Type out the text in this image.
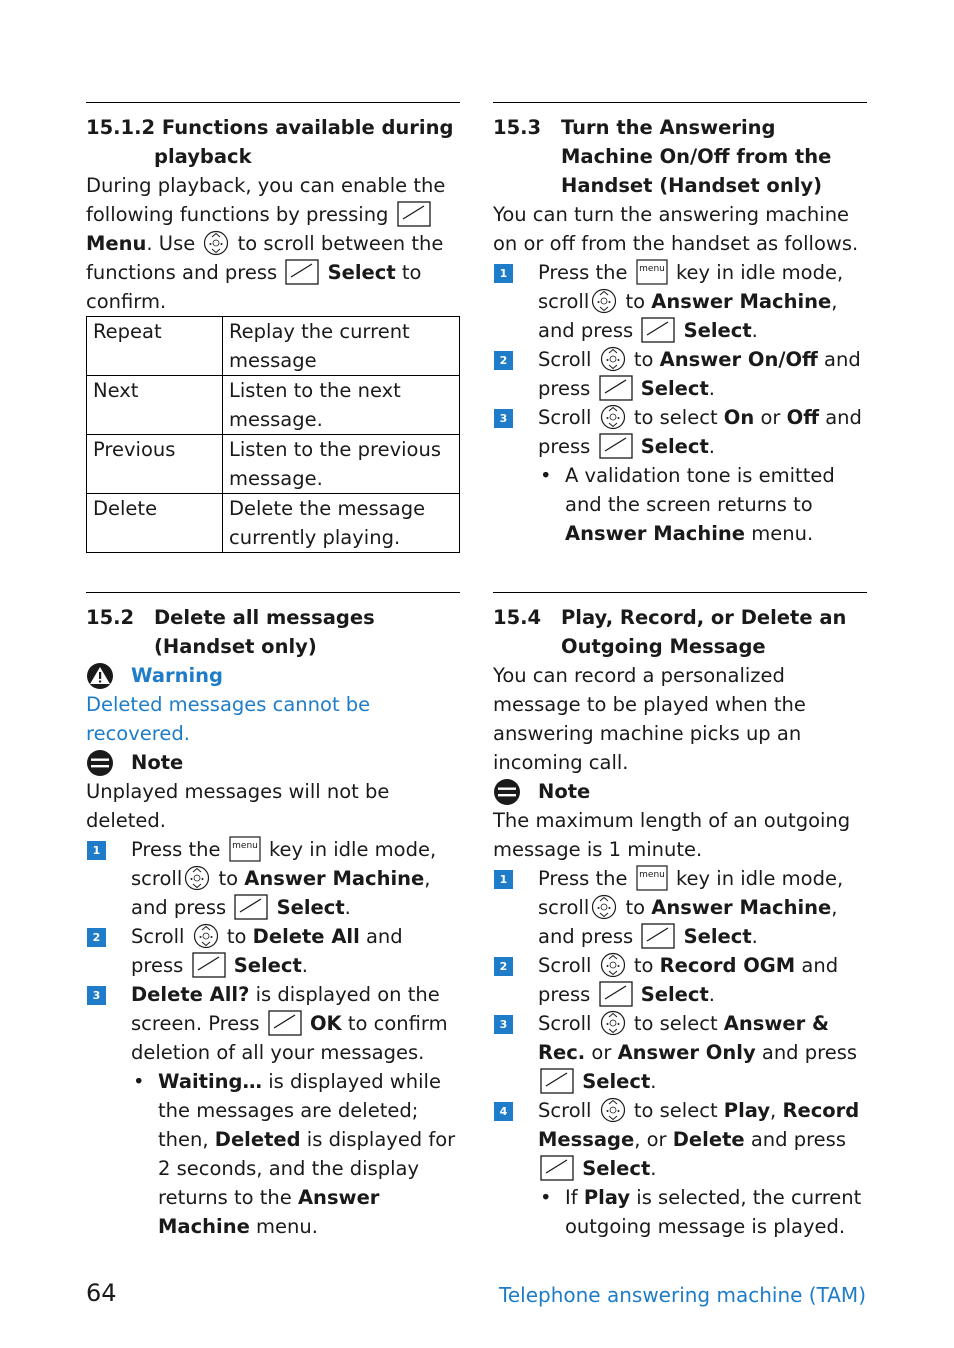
15.1.2 Functions available during playback

During playback, you can enable the following functions by pressing
Menu. Use to scroll between the functions and press	Select to confirm.

Repeat	Replay the current message
Next	Listen to the next message.
Previous	Listen to the previous message.
Delete	Delete the message currently playing.
15.2	Delete all messages (Handset only)
Warning

Deleted messages cannot be recovered.

Note

Unplayed messages will not be deleted.

1 Press the menu key in idle mode, scroll to Answer Machine, and press	Select.
2 Scroll to Delete All and press	Select.
3 Delete All? is displayed on the screen. Press	OK to confirm deletion of all your messages.
• Waiting… is displayed while the messages are deleted; then, Deleted is displayed for 2 seconds, and the display returns to the Answer Machine menu.
15.3	Turn the Answering Machine On/Off from the Handset (Handset only)

You can turn the answering machine on or off from the handset as follows.

1 Press the menu key in idle mode, scroll to Answer Machine, and press	Select.
2 Scroll to Answer On/Off and press	Select.
3 Scroll to select On or Off and press	Select.
• A validation tone is emitted and the screen returns to Answer Machine menu.
15.4	Play, Record, or Delete an Outgoing Message

You can record a personalized message to be played when the answering machine picks up an incoming call.

Note

The maximum length of an outgoing message is 1 minute.

1 Press the menu key in idle mode, scroll to Answer Machine, and press	Select.
2 Scroll to Record OGM and press	Select.
3 Scroll to select Answer & Rec. or Answer Only and press
Select.
4 Scroll to select Play, Record Message, or Delete and press
Select.
• If Play is selected, the current outgoing message is played.
64	Telephone answering machine (TAM)
